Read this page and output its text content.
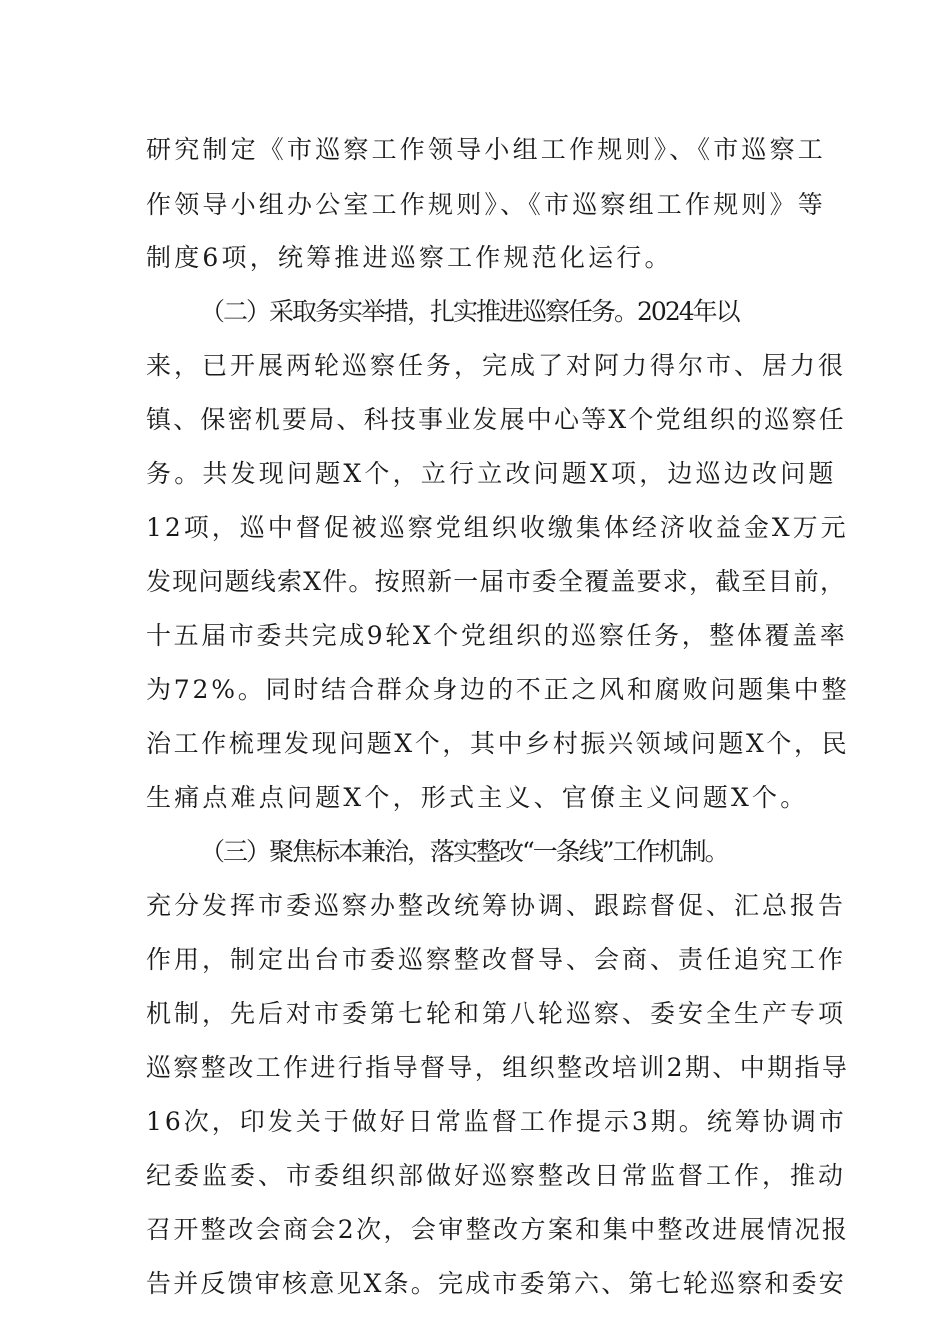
研究制定《市巡察工作领导小组工作规则》、《市巡察工
作领导小组办公室工作规则》、《市巡察组工作规则》等
制度6项，统筹推进巡察工作规范化运行。
（二）采取务实举措，扎实推进巡察任务。2024年以
来，已开展两轮巡察任务，完成了对阿力得尔市、居力很
镇、保密机要局、科技事业发展中心等X个党组织的巡察任
务。共发现问题X个，立行立改问题X项，边巡边改问题
12项，巡中督促被巡察党组织收缴集体经济收益金X万元
发现问题线索X件。按照新一届市委全覆盖要求，截至目前，
十五届市委共完成9轮X个党组织的巡察任务，整体覆盖率
为72%。同时结合群众身边的不正之风和腐败问题集中整
治工作梳理发现问题X个，其中乡村振兴领域问题X个，民
生痛点难点问题X个，形式主义、官僚主义问题X个。
（三）聚焦标本兼治，落实整改“一条线”工作机制。
充分发挥市委巡察办整改统筹协调、跟踪督促、汇总报告
作用，制定出台市委巡察整改督导、会商、责任追究工作
机制，先后对市委第七轮和第八轮巡察、委安全生产专项
巡察整改工作进行指导督导，组织整改培训2期、中期指导
16次，印发关于做好日常监督工作提示3期。统筹协调市
纪委监委、市委组织部做好巡察整改日常监督工作，推动
召开整改会商会2次，会审整改方案和集中整改进展情况报
告并反馈审核意见X条。完成市委第六、第七轮巡察和委安
